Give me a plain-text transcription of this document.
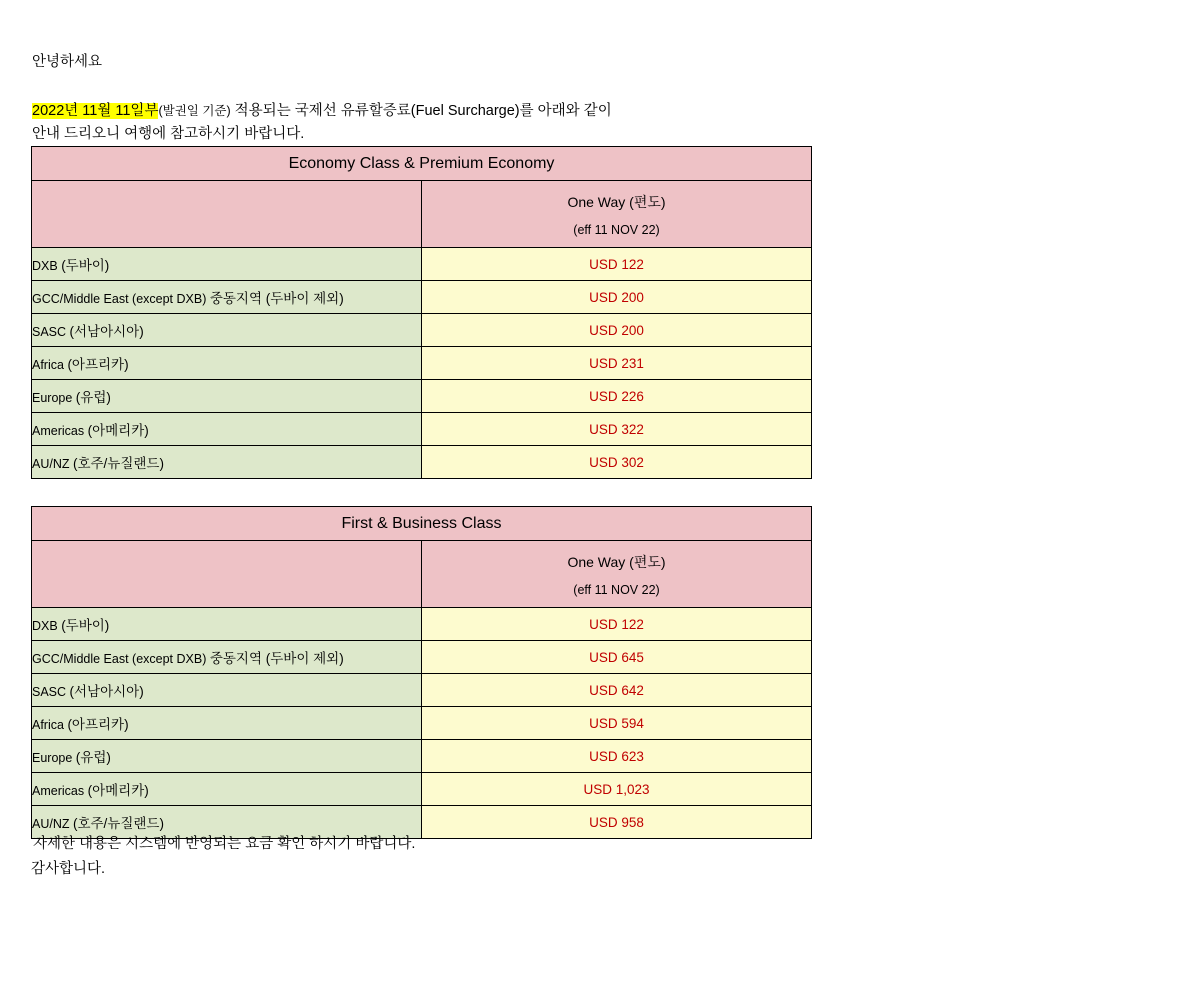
안녕하세요
2022년 11월 11일부(발권일 기준) 적용되는 국제선 유류할증료(Fuel Surcharge)를 아래와 같이
안내 드리오니 여행에 참고하시기 바랍니다.
Economy Class & Premium Economy	

	One Way (편도)
(eff 11 NOV 22)

DXB (두바이)	USD 122
GCC/Middle East (except DXB) 중동지역 (두바이 제외)	USD 200
SASC (서남아시아)	USD 200
Africa (아프리카)	USD 231
Europe (유럽)	USD 226
Americas (아메리카)	USD 322
AU/NZ (호주/뉴질랜드)	USD 302
First & Business Class	

	One Way (편도)
(eff 11 NOV 22)

DXB (두바이)	USD 122
GCC/Middle East (except DXB) 중동지역 (두바이 제외)	USD 645
SASC (서남아시아)	USD 642
Africa (아프리카)	USD 594
Europe (유럽)	USD 623
Americas (아메리카)	USD 1,023
AU/NZ (호주/뉴질랜드)	USD 958
자세한 내용은 시스템에 반영되는 요금 확인 하시기 바랍니다.
감사합니다.
